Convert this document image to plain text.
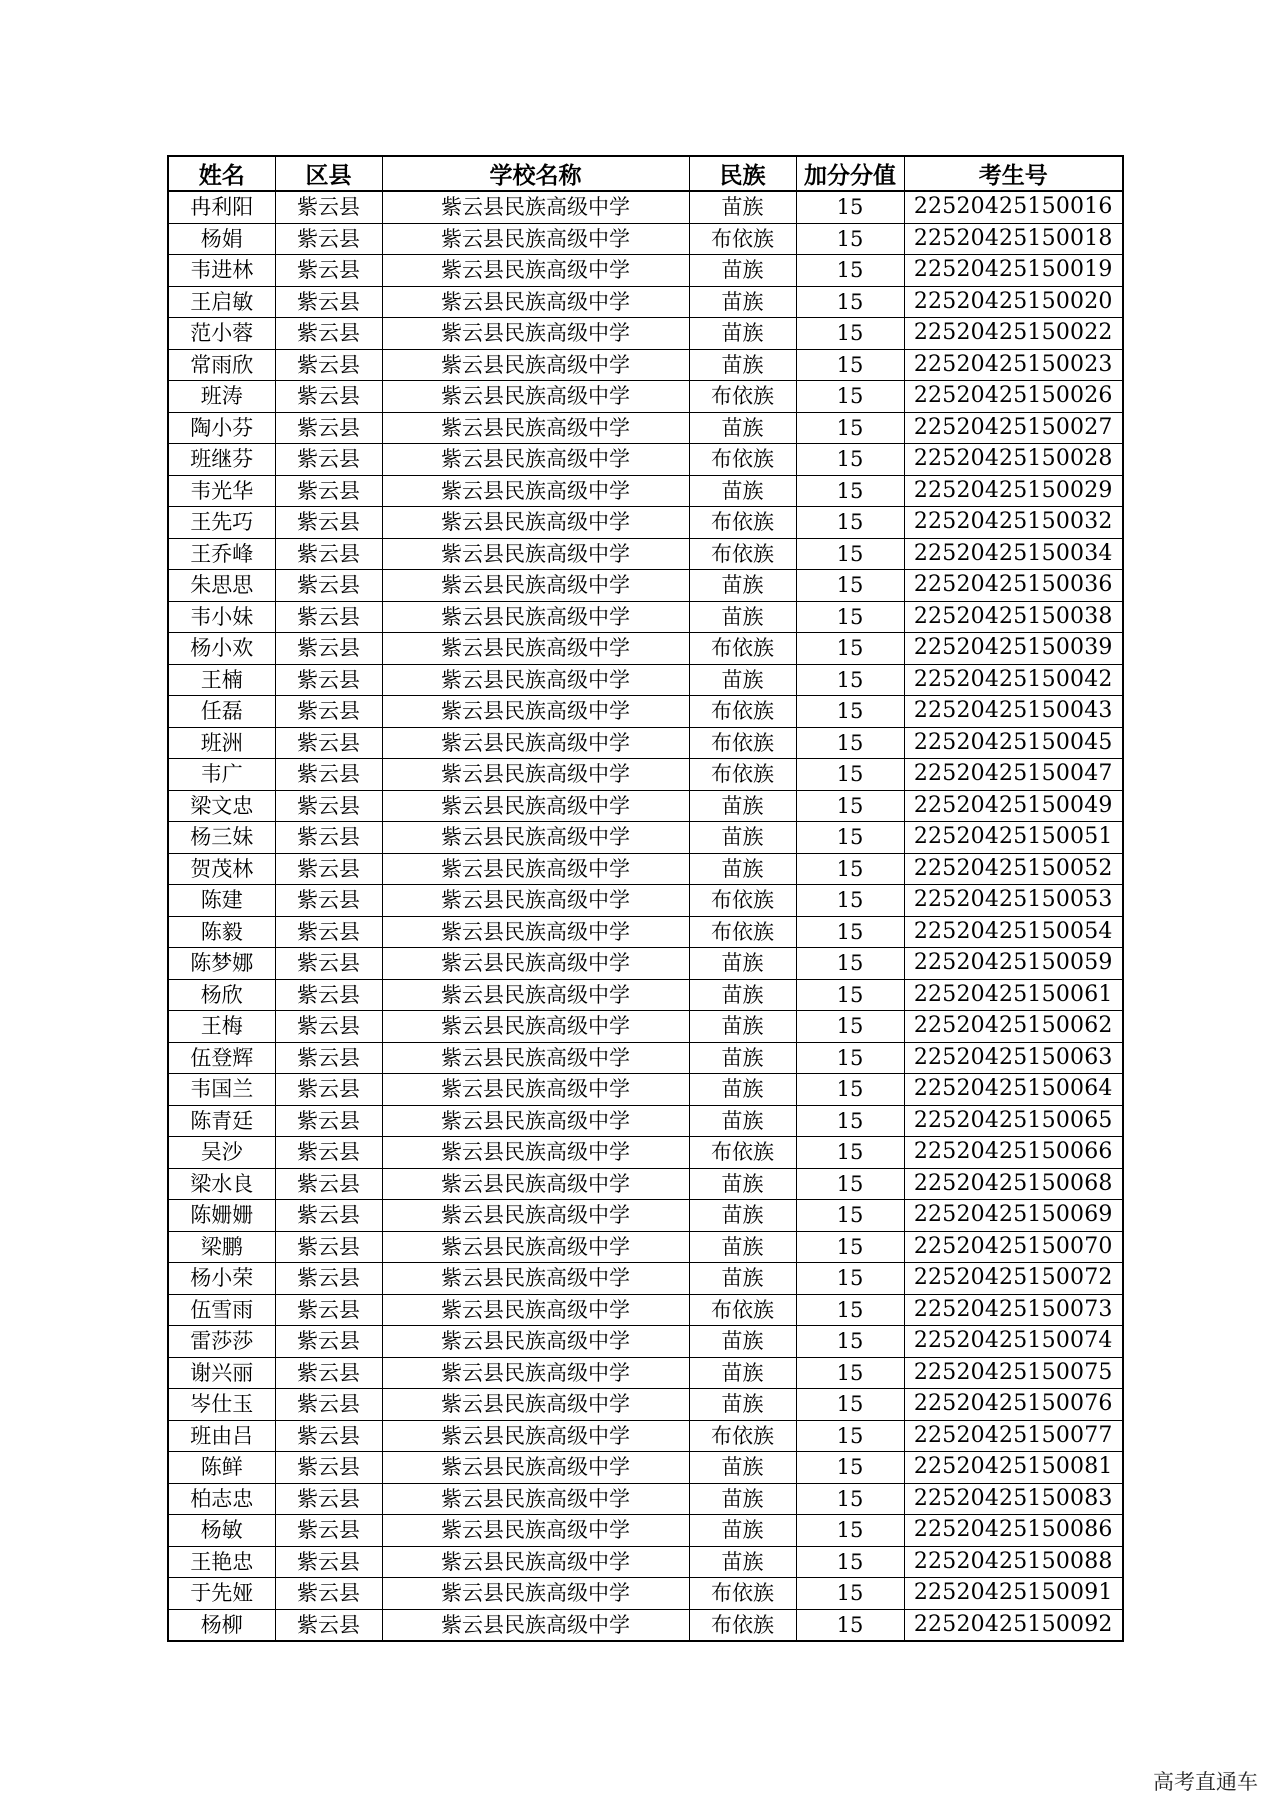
姓名	区县	学校名称	民族	加分分值	考生号
冉利阳	紫云县	紫云县民族高级中学	苗族	15	22520425150016
杨娟	紫云县	紫云县民族高级中学	布依族	15	22520425150018
韦进林	紫云县	紫云县民族高级中学	苗族	15	22520425150019
王启敏	紫云县	紫云县民族高级中学	苗族	15	22520425150020
范小蓉	紫云县	紫云县民族高级中学	苗族	15	22520425150022
常雨欣	紫云县	紫云县民族高级中学	苗族	15	22520425150023
班涛	紫云县	紫云县民族高级中学	布依族	15	22520425150026
陶小芬	紫云县	紫云县民族高级中学	苗族	15	22520425150027
班继芬	紫云县	紫云县民族高级中学	布依族	15	22520425150028
韦光华	紫云县	紫云县民族高级中学	苗族	15	22520425150029
王先巧	紫云县	紫云县民族高级中学	布依族	15	22520425150032
王乔峰	紫云县	紫云县民族高级中学	布依族	15	22520425150034
朱思思	紫云县	紫云县民族高级中学	苗族	15	22520425150036
韦小妹	紫云县	紫云县民族高级中学	苗族	15	22520425150038
杨小欢	紫云县	紫云县民族高级中学	布依族	15	22520425150039
王楠	紫云县	紫云县民族高级中学	苗族	15	22520425150042
任磊	紫云县	紫云县民族高级中学	布依族	15	22520425150043
班洲	紫云县	紫云县民族高级中学	布依族	15	22520425150045
韦广	紫云县	紫云县民族高级中学	布依族	15	22520425150047
梁文忠	紫云县	紫云县民族高级中学	苗族	15	22520425150049
杨三妹	紫云县	紫云县民族高级中学	苗族	15	22520425150051
贺茂林	紫云县	紫云县民族高级中学	苗族	15	22520425150052
陈建	紫云县	紫云县民族高级中学	布依族	15	22520425150053
陈毅	紫云县	紫云县民族高级中学	布依族	15	22520425150054
陈梦娜	紫云县	紫云县民族高级中学	苗族	15	22520425150059
杨欣	紫云县	紫云县民族高级中学	苗族	15	22520425150061
王梅	紫云县	紫云县民族高级中学	苗族	15	22520425150062
伍登辉	紫云县	紫云县民族高级中学	苗族	15	22520425150063
韦国兰	紫云县	紫云县民族高级中学	苗族	15	22520425150064
陈青廷	紫云县	紫云县民族高级中学	苗族	15	22520425150065
吴沙	紫云县	紫云县民族高级中学	布依族	15	22520425150066
梁水良	紫云县	紫云县民族高级中学	苗族	15	22520425150068
陈姗姗	紫云县	紫云县民族高级中学	苗族	15	22520425150069
梁鹏	紫云县	紫云县民族高级中学	苗族	15	22520425150070
杨小荣	紫云县	紫云县民族高级中学	苗族	15	22520425150072
伍雪雨	紫云县	紫云县民族高级中学	布依族	15	22520425150073
雷莎莎	紫云县	紫云县民族高级中学	苗族	15	22520425150074
谢兴丽	紫云县	紫云县民族高级中学	苗族	15	22520425150075
岑仕玉	紫云县	紫云县民族高级中学	苗族	15	22520425150076
班由吕	紫云县	紫云县民族高级中学	布依族	15	22520425150077
陈鲜	紫云县	紫云县民族高级中学	苗族	15	22520425150081
柏志忠	紫云县	紫云县民族高级中学	苗族	15	22520425150083
杨敏	紫云县	紫云县民族高级中学	苗族	15	22520425150086
王艳忠	紫云县	紫云县民族高级中学	苗族	15	22520425150088
于先娅	紫云县	紫云县民族高级中学	布依族	15	22520425150091
杨柳	紫云县	紫云县民族高级中学	布依族	15	22520425150092
高考直通车
